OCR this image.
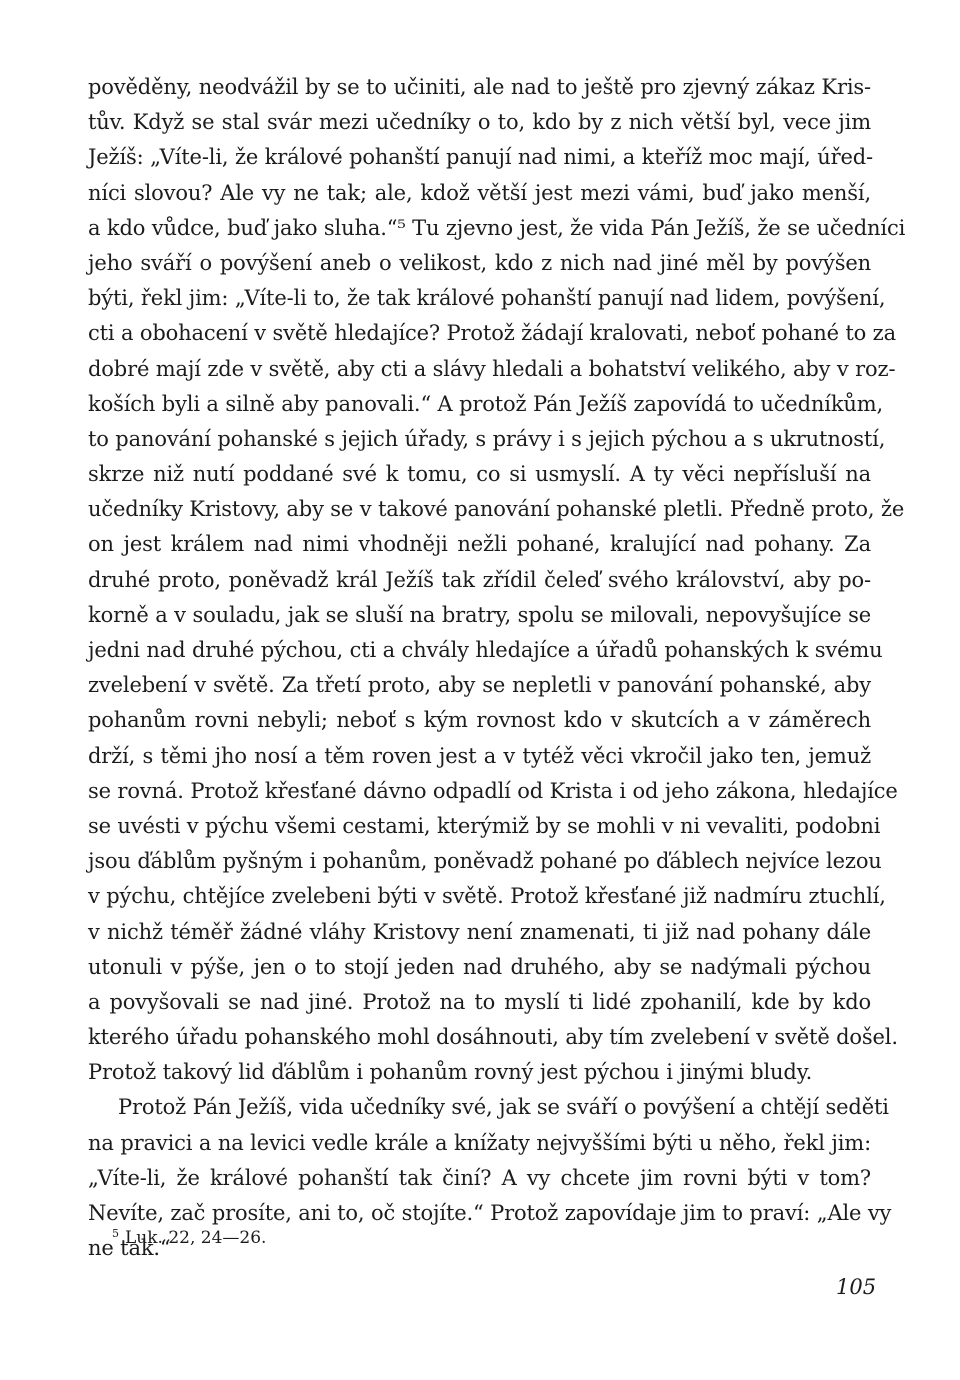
pověděny, neodvážil by se to učiniti, ale nad to ještě pro zjevný zákaz Kris-
tův. Když se stal svár mezi učedníky o to, kdo by z nich větší byl, vece jim
Ježíš: „Víte-li, že králové pohanští panují nad nimi, a kteříž moc mají, úřed-
níci slovou? Ale vy ne tak; ale, kdož větší jest mezi vámi, buď jako menší,
a kdo vůdce, buď jako sluha.“⁵ Tu zjevno jest, že vida Pán Ježíš, že se učedníci
jeho sváří o povýšení aneb o velikost, kdo z nich nad jiné měl by povýšen
býti, řekl jim: „Víte-li to, že tak králové pohanští panují nad lidem, povýšení,
cti a obohacení v světě hledajíce? Protož žádají kralovati, neboť pohané to za
dobré mají zde v světě, aby cti a slávy hledali a bohatství velikého, aby v roz-
koších byli a silně aby panovali.“ A protož Pán Ježíš zapovídá to učedníkům,
to panování pohanské s jejich úřady, s právy i s jejich pýchou a s ukrutností,
skrze niž nutí poddané své k tomu, co si usmyslí. A ty věci nepřísluší na
učedníky Kristovy, aby se v takové panování pohanské pletli. Předně proto, že
on jest králem nad nimi vhodněji nežli pohané, kralující nad pohany. Za
druhé proto, poněvadž král Ježíš tak zřídil čeleď svého království, aby po-
korně a v souladu, jak se sluší na bratry, spolu se milovali, nepovyšujíce se
jedni nad druhé pýchou, cti a chvály hledajíce a úřadů pohanských k svému
zvelebení v světě. Za třetí proto, aby se nepletli v panování pohanské, aby
pohanům rovni nebyli; neboť s kým rovnost kdo v skutcích a v záměrech
drží, s těmi jho nosí a těm roven jest a v tytéž věci vkročil jako ten, jemuž
se rovná. Protož křesťané dávno odpadlí od Krista i od jeho zákona, hledajíce
se uvésti v pýchu všemi cestami, kterýmiž by se mohli v ni vevaliti, podobni
jsou ďáblům pyšným i pohanům, poněvadž pohané po ďáblech nejvíce lezou
v pýchu, chtějíce zvelebeni býti v světě. Protož křesťané již nadmíru ztuchlí,
v nichž téměř žádné vláhy Kristovy není znamenati, ti již nad pohany dále
utonuli v pýše, jen o to stojí jeden nad druhého, aby se nadýmali pýchou
a povyšovali se nad jiné. Protož na to myslí ti lidé zpohanilí, kde by kdo
kterého úřadu pohanského mohl dosáhnouti, aby tím zvelebení v světě došel.
Protož takový lid ďáblům i pohanům rovný jest pýchou i jinými bludy.
Protož Pán Ježíš, vida učedníky své, jak se sváří o povýšení a chtějí seděti
na pravici a na levici vedle krále a knížaty nejvyššími býti u něho, řekl jim:
„Víte-li, že králové pohanští tak činí? A vy chcete jim rovni býti v tom?
Nevíte, zač prosíte, ani to, oč stojíte.“ Protož zapovídaje jim to praví: „Ale vy
ne tak.“
$^5$ Luk. 22, 24—26.
105
